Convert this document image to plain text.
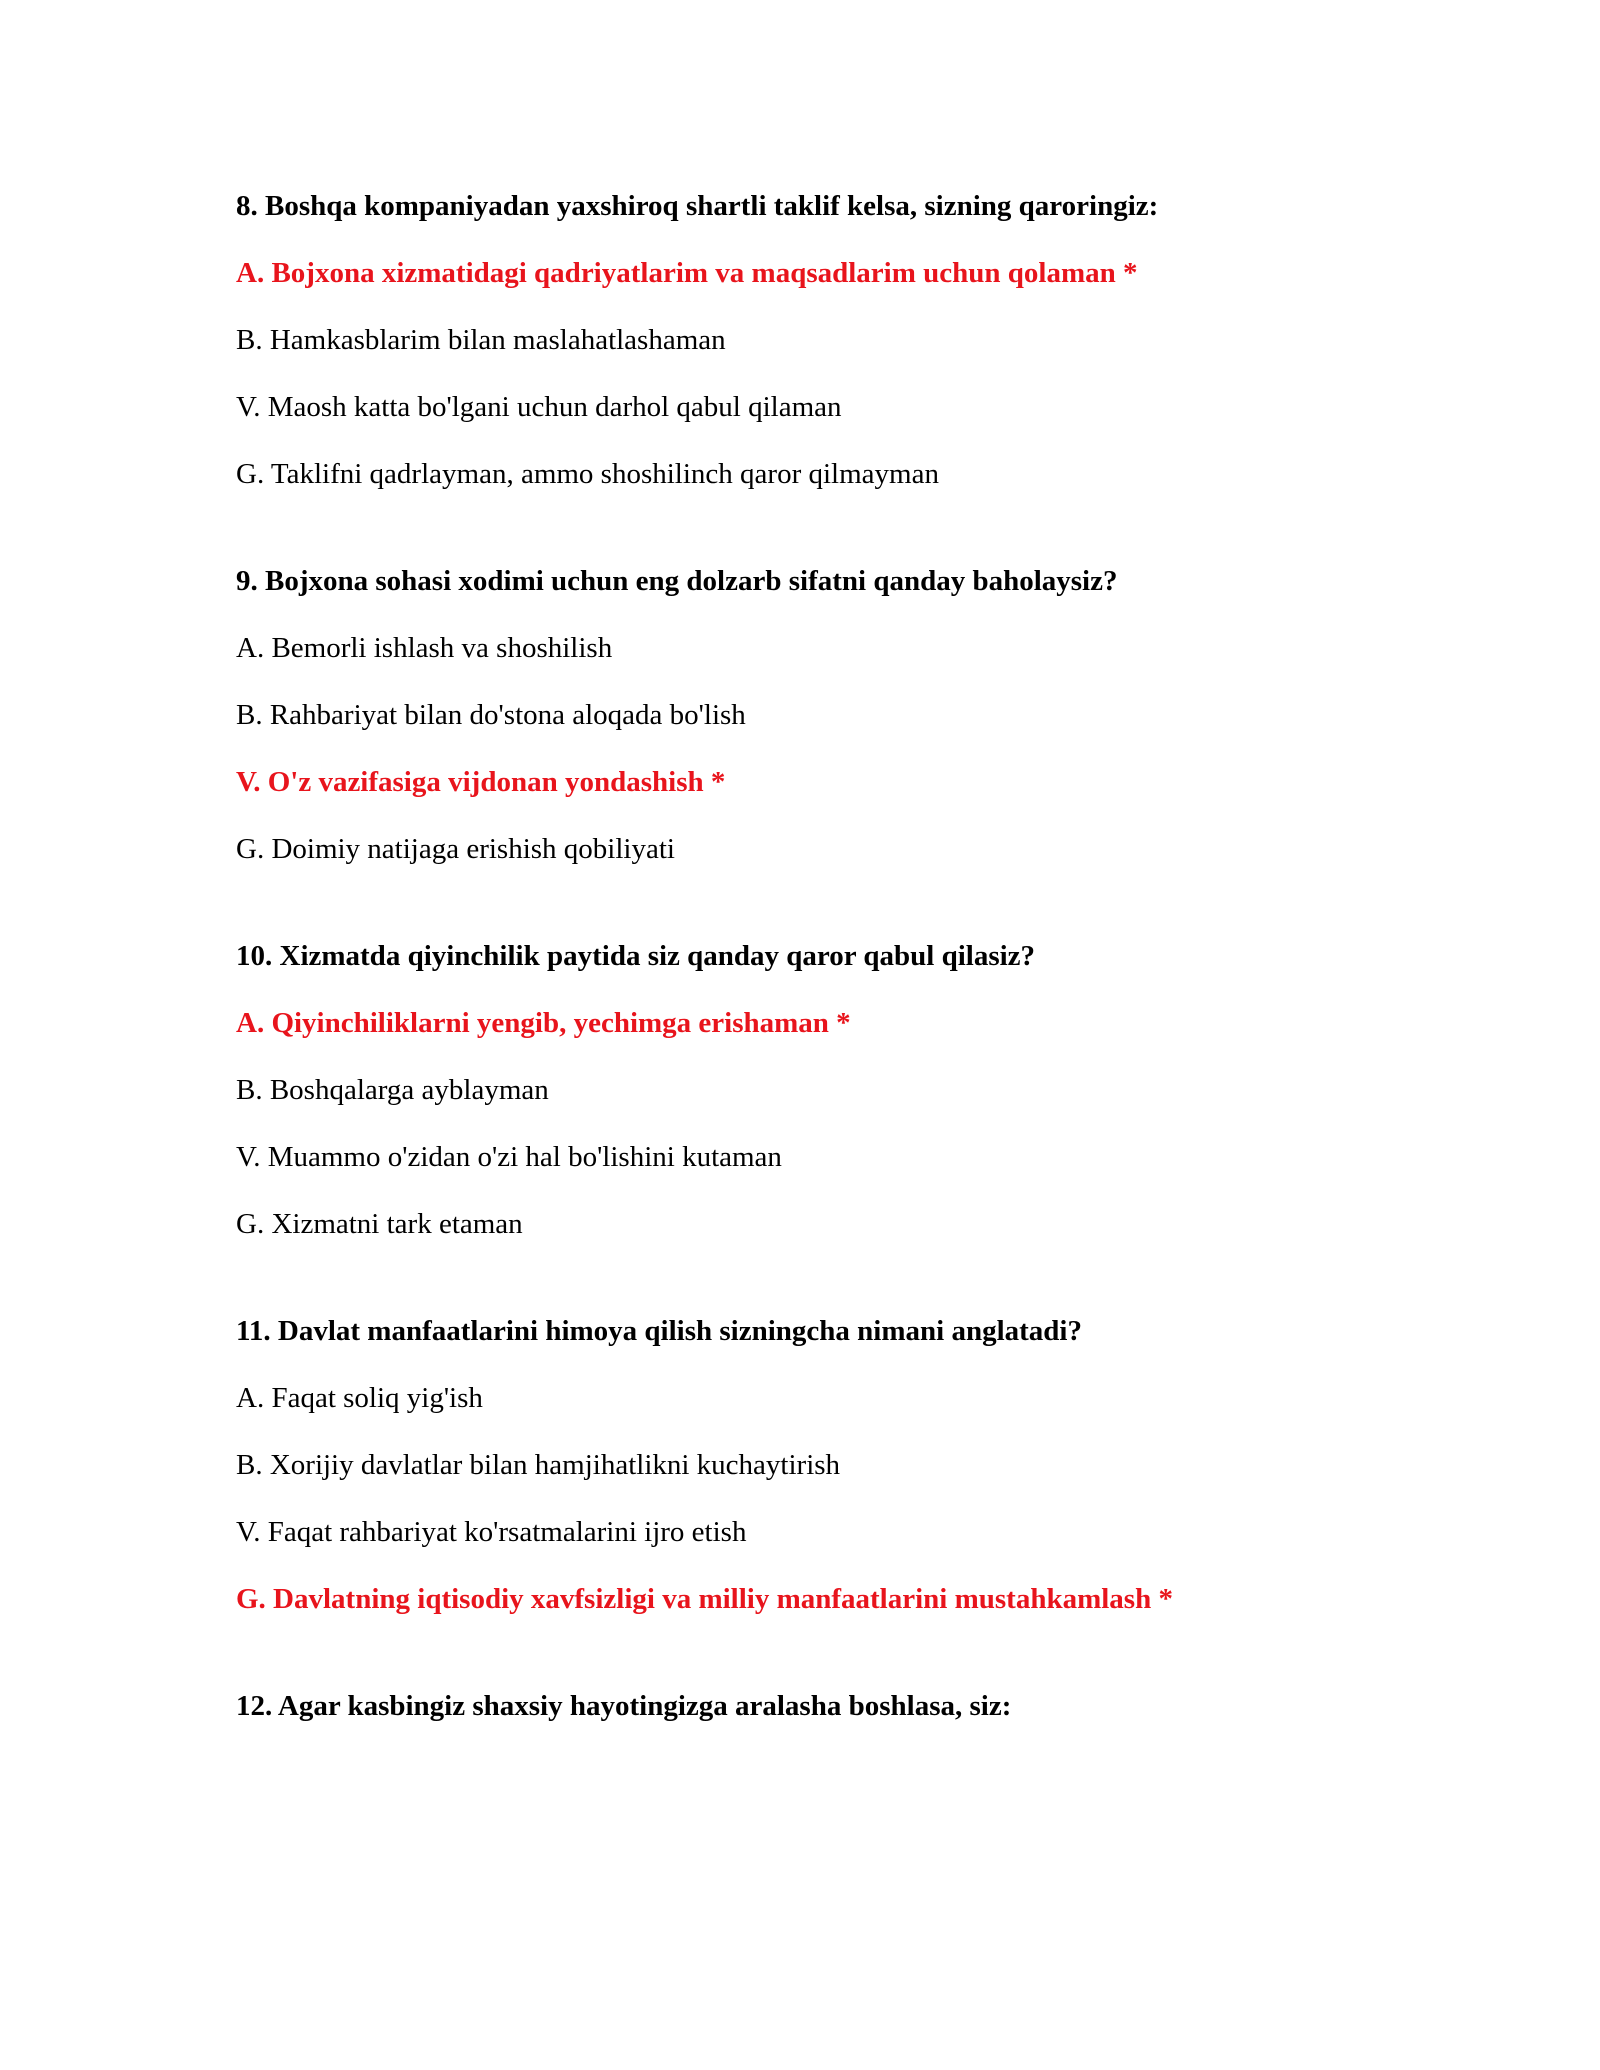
8. Boshqa kompaniyadan yaxshiroq shartli taklif kelsa, sizning qaroringiz:
A. Bojxona xizmatidagi qadriyatlarim va maqsadlarim uchun qolaman *
B. Hamkasblarim bilan maslahatlashaman
V. Maosh katta bo'lgani uchun darhol qabul qilaman
G. Taklifni qadrlayman, ammo shoshilinch qaror qilmayman
9. Bojxona sohasi xodimi uchun eng dolzarb sifatni qanday baholaysiz?
A. Bemorli ishlash va shoshilish
B. Rahbariyat bilan do'stona aloqada bo'lish
V. O'z vazifasiga vijdonan yondashish *
G. Doimiy natijaga erishish qobiliyati
10. Xizmatda qiyinchilik paytida siz qanday qaror qabul qilasiz?
A. Qiyinchiliklarni yengib, yechimga erishaman *
B. Boshqalarga ayblayman
V. Muammo o'zidan o'zi hal bo'lishini kutaman
G. Xizmatni tark etaman
11. Davlat manfaatlarini himoya qilish sizningcha nimani anglatadi?
A. Faqat soliq yig'ish
B. Xorijiy davlatlar bilan hamjihatlikni kuchaytirish
V. Faqat rahbariyat ko'rsatmalarini ijro etish
G. Davlatning iqtisodiy xavfsizligi va milliy manfaatlarini mustahkamlash *
12. Agar kasbingiz shaxsiy hayotingizga aralasha boshlasa, siz:
